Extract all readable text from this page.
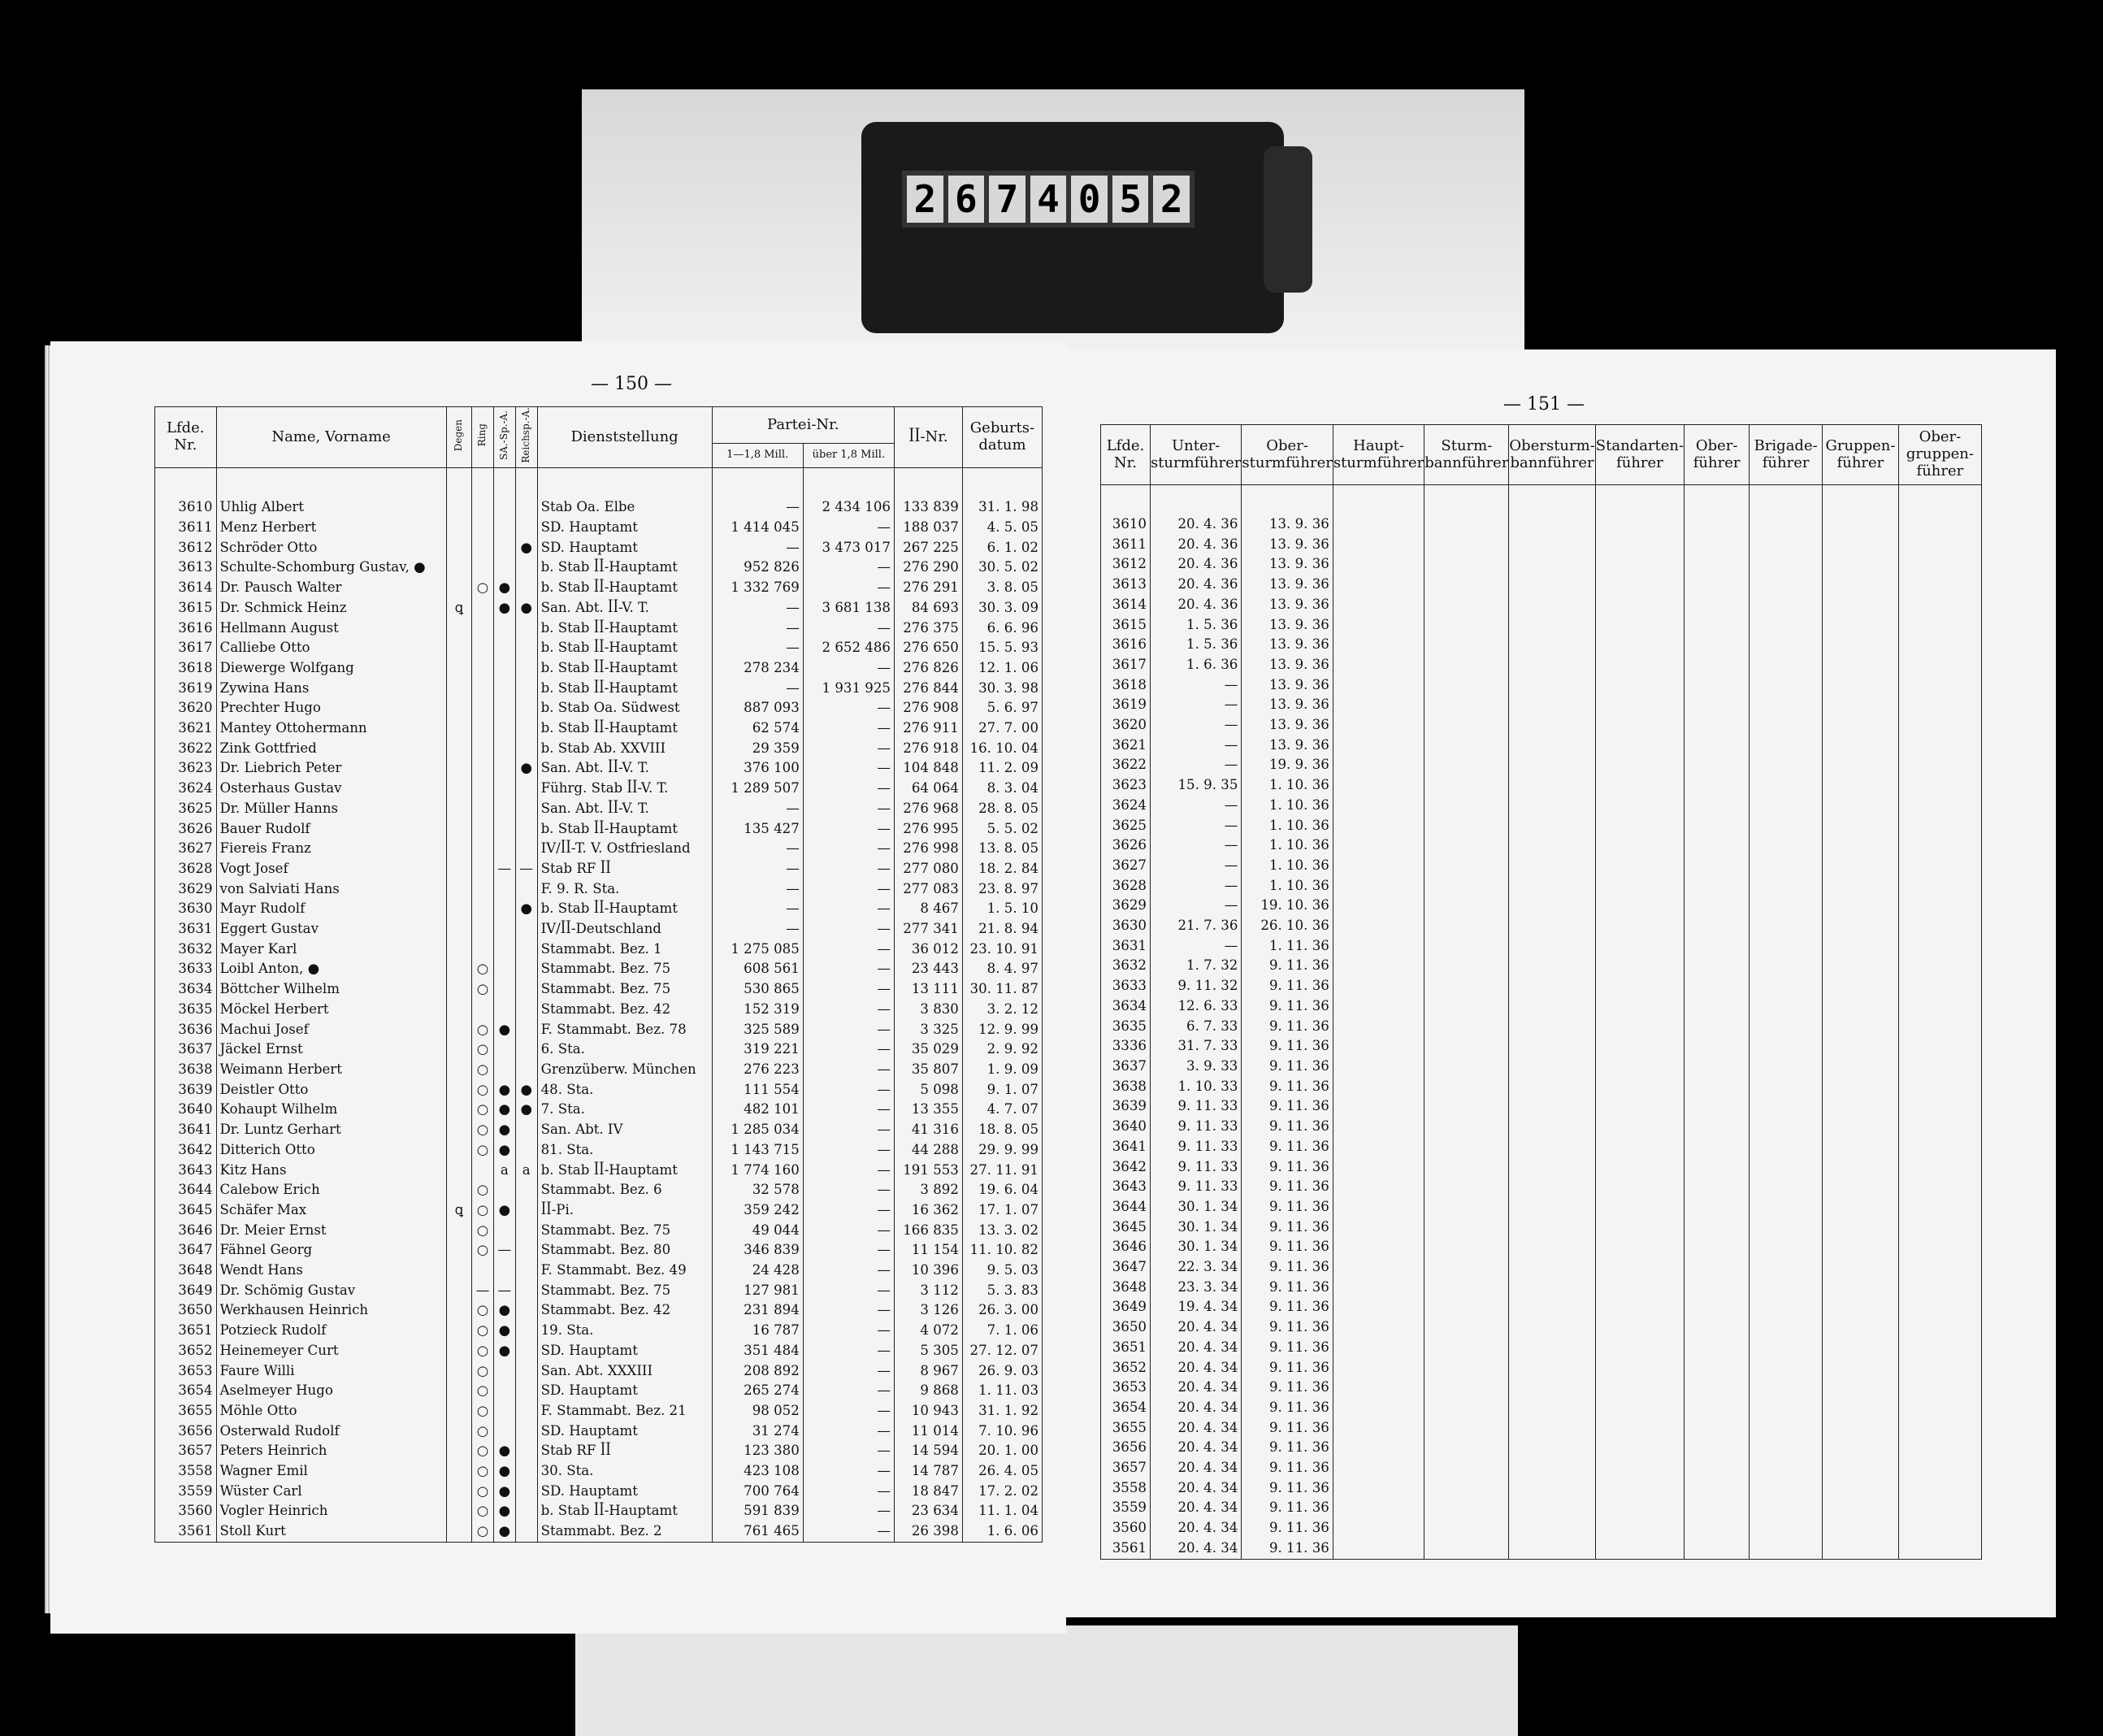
2 6 7 4 0 5 2
— 150 —
Lfde. Nr.	Name, Vorname	Degen	Ring	SA.-Sp.-A.	Reichsp.-A.	Dienststellung	Partei-Nr.		ꟾꟾ-Nr.	Geburts-datum
							1—1,8 Mill.	über 1,8 Mill.		

3610	Uhlig Albert					Stab Oa. Elbe	—	2 434 106	133 839	31. 1. 98
3611	Menz Herbert					SD. Hauptamt	1 414 045	—	188 037	4. 5. 05
3612	Schröder Otto				●	SD. Hauptamt	—	3 473 017	267 225	6. 1. 02
3613	Schulte-Schomburg Gustav, ●					b. Stab ꟾꟾ-Hauptamt	952 826	—	276 290	30. 5. 02
3614	Dr. Pausch Walter		○	●		b. Stab ꟾꟾ-Hauptamt	1 332 769	—	276 291	3. 8. 05
3615	Dr. Schmick Heinz	ꝗ		●	●	San. Abt. ꟾꟾ-V. T.	—	3 681 138	84 693	30. 3. 09
3616	Hellmann August					b. Stab ꟾꟾ-Hauptamt	—	—	276 375	6. 6. 96
3617	Calliebe Otto					b. Stab ꟾꟾ-Hauptamt	—	2 652 486	276 650	15. 5. 93
3618	Diewerge Wolfgang					b. Stab ꟾꟾ-Hauptamt	278 234	—	276 826	12. 1. 06
3619	Zywina Hans					b. Stab ꟾꟾ-Hauptamt	—	1 931 925	276 844	30. 3. 98
3620	Prechter Hugo					b. Stab Oa. Südwest	887 093	—	276 908	5. 6. 97
3621	Mantey Ottohermann					b. Stab ꟾꟾ-Hauptamt	62 574	—	276 911	27. 7. 00
3622	Zink Gottfried					b. Stab Ab. XXVIII	29 359	—	276 918	16. 10. 04
3623	Dr. Liebrich Peter				●	San. Abt. ꟾꟾ-V. T.	376 100	—	104 848	11. 2. 09
3624	Osterhaus Gustav					Führg. Stab ꟾꟾ-V. T.	1 289 507	—	64 064	8. 3. 04
3625	Dr. Müller Hanns					San. Abt. ꟾꟾ-V. T.	—	—	276 968	28. 8. 05
3626	Bauer Rudolf					b. Stab ꟾꟾ-Hauptamt	135 427	—	276 995	5. 5. 02
3627	Fiereis Franz					IV/ꟾꟾ-T. V. Ostfriesland	—	—	276 998	13. 8. 05
3628	Vogt Josef			—	—	Stab RF ꟾꟾ	—	—	277 080	18. 2. 84
3629	von Salviati Hans					F. 9. R. Sta.	—	—	277 083	23. 8. 97
3630	Mayr Rudolf				●	b. Stab ꟾꟾ-Hauptamt	—	—	8 467	1. 5. 10
3631	Eggert Gustav					IV/ꟾꟾ-Deutschland	—	—	277 341	21. 8. 94
3632	Mayer Karl					Stammabt. Bez. 1	1 275 085	—	36 012	23. 10. 91
3633	Loibl Anton, ●		○			Stammabt. Bez. 75	608 561	—	23 443	8. 4. 97
3634	Böttcher Wilhelm		○			Stammabt. Bez. 75	530 865	—	13 111	30. 11. 87
3635	Möckel Herbert					Stammabt. Bez. 42	152 319	—	3 830	3. 2. 12
3636	Machui Josef		○	●		F. Stammabt. Bez. 78	325 589	—	3 325	12. 9. 99
3637	Jäckel Ernst		○			6. Sta.	319 221	—	35 029	2. 9. 92
3638	Weimann Herbert		○			Grenzüberw. München	276 223	—	35 807	1. 9. 09
3639	Deistler Otto		○	●	●	48. Sta.	111 554	—	5 098	9. 1. 07
3640	Kohaupt Wilhelm		○	●	●	7. Sta.	482 101	—	13 355	4. 7. 07
3641	Dr. Luntz Gerhart		○	●		San. Abt. IV	1 285 034	—	41 316	18. 8. 05
3642	Ditterich Otto		○	●		81. Sta.	1 143 715	—	44 288	29. 9. 99
3643	Kitz Hans			a	a	b. Stab ꟾꟾ-Hauptamt	1 774 160	—	191 553	27. 11. 91
3644	Calebow Erich		○			Stammabt. Bez. 6	32 578	—	3 892	19. 6. 04
3645	Schäfer Max	ꝗ	○	●		ꟾꟾ-Pi.	359 242	—	16 362	17. 1. 07
3646	Dr. Meier Ernst		○			Stammabt. Bez. 75	49 044	—	166 835	13. 3. 02
3647	Fähnel Georg		○	—		Stammabt. Bez. 80	346 839	—	11 154	11. 10. 82
3648	Wendt Hans					F. Stammabt. Bez. 49	24 428	—	10 396	9. 5. 03
3649	Dr. Schömig Gustav		—	—		Stammabt. Bez. 75	127 981	—	3 112	5. 3. 83
3650	Werkhausen Heinrich		○	●		Stammabt. Bez. 42	231 894	—	3 126	26. 3. 00
3651	Potzieck Rudolf		○	●		19. Sta.	16 787	—	4 072	7. 1. 06
3652	Heinemeyer Curt		○	●		SD. Hauptamt	351 484	—	5 305	27. 12. 07
3653	Faure Willi		○			San. Abt. XXXIII	208 892	—	8 967	26. 9. 03
3654	Aselmeyer Hugo		○			SD. Hauptamt	265 274	—	9 868	1. 11. 03
3655	Möhle Otto		○			F. Stammabt. Bez. 21	98 052	—	10 943	31. 1. 92
3656	Osterwald Rudolf		○			SD. Hauptamt	31 274	—	11 014	7. 10. 96
3657	Peters Heinrich		○	●		Stab RF ꟾꟾ	123 380	—	14 594	20. 1. 00
3558	Wagner Emil		○	●		30. Sta.	423 108	—	14 787	26. 4. 05
3559	Wüster Carl		○	●		SD. Hauptamt	700 764	—	18 847	17. 2. 02
3560	Vogler Heinrich		○	●		b. Stab ꟾꟾ-Hauptamt	591 839	—	23 634	11. 1. 04
3561	Stoll Kurt		○	●		Stammabt. Bez. 2	761 465	—	26 398	1. 6. 06
— 151 —
Lfde. Nr.	Unter-sturmführer	Ober-sturmführer	Haupt-sturmführer	Sturm-bannführer	Obersturm-bannführer	Standarten-führer	Ober-führer	Brigade-führer	Gruppen-führer	Ober-gruppen-führer

3610	20. 4. 36	13. 9. 36								
3611	20. 4. 36	13. 9. 36								
3612	20. 4. 36	13. 9. 36								
3613	20. 4. 36	13. 9. 36								
3614	20. 4. 36	13. 9. 36								
3615	1. 5. 36	13. 9. 36								
3616	1. 5. 36	13. 9. 36								
3617	1. 6. 36	13. 9. 36								
3618	—	13. 9. 36								
3619	—	13. 9. 36								
3620	—	13. 9. 36								
3621	—	13. 9. 36								
3622	—	19. 9. 36								
3623	15. 9. 35	1. 10. 36								
3624	—	1. 10. 36								
3625	—	1. 10. 36								
3626	—	1. 10. 36								
3627	—	1. 10. 36								
3628	—	1. 10. 36								
3629	—	19. 10. 36								
3630	21. 7. 36	26. 10. 36								
3631	—	1. 11. 36								
3632	1. 7. 32	9. 11. 36								
3633	9. 11. 32	9. 11. 36								
3634	12. 6. 33	9. 11. 36								
3635	6. 7. 33	9. 11. 36								
3336	31. 7. 33	9. 11. 36								
3637	3. 9. 33	9. 11. 36								
3638	1. 10. 33	9. 11. 36								
3639	9. 11. 33	9. 11. 36								
3640	9. 11. 33	9. 11. 36								
3641	9. 11. 33	9. 11. 36								
3642	9. 11. 33	9. 11. 36								
3643	9. 11. 33	9. 11. 36								
3644	30. 1. 34	9. 11. 36								
3645	30. 1. 34	9. 11. 36								
3646	30. 1. 34	9. 11. 36								
3647	22. 3. 34	9. 11. 36								
3648	23. 3. 34	9. 11. 36								
3649	19. 4. 34	9. 11. 36								
3650	20. 4. 34	9. 11. 36								
3651	20. 4. 34	9. 11. 36								
3652	20. 4. 34	9. 11. 36								
3653	20. 4. 34	9. 11. 36								
3654	20. 4. 34	9. 11. 36								
3655	20. 4. 34	9. 11. 36								
3656	20. 4. 34	9. 11. 36								
3657	20. 4. 34	9. 11. 36								
3558	20. 4. 34	9. 11. 36								
3559	20. 4. 34	9. 11. 36								
3560	20. 4. 34	9. 11. 36								
3561	20. 4. 34	9. 11. 36								
